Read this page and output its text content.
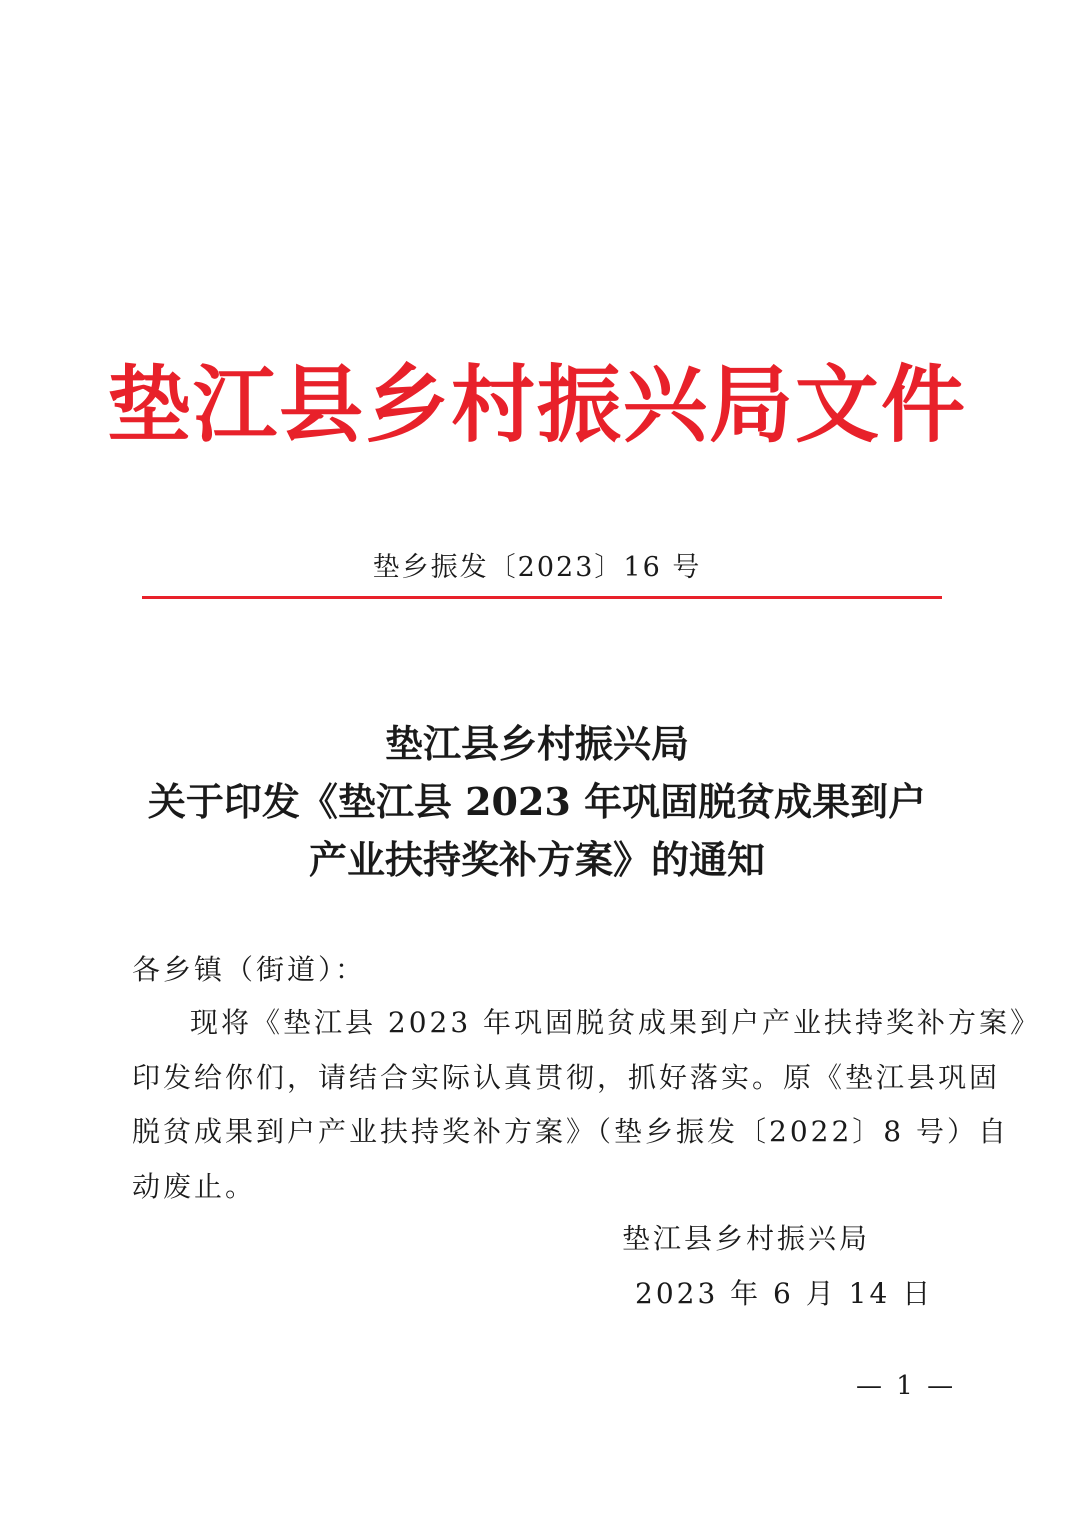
垫江县乡村振兴局文件
垫乡振发〔2023〕16 号
垫江县乡村振兴局
关于印发《垫江县 2023 年巩固脱贫成果到户
产业扶持奖补方案》的通知
各乡镇（街道）：
现将《垫江县 2023 年巩固脱贫成果到户产业扶持奖补方案》
印发给你们，请结合实际认真贯彻，抓好落实。原《垫江县巩固
脱贫成果到户产业扶持奖补方案》（垫乡振发〔2022〕8 号）自
动废止。
垫江县乡村振兴局
2023 年 6 月 14 日
— 1 —
